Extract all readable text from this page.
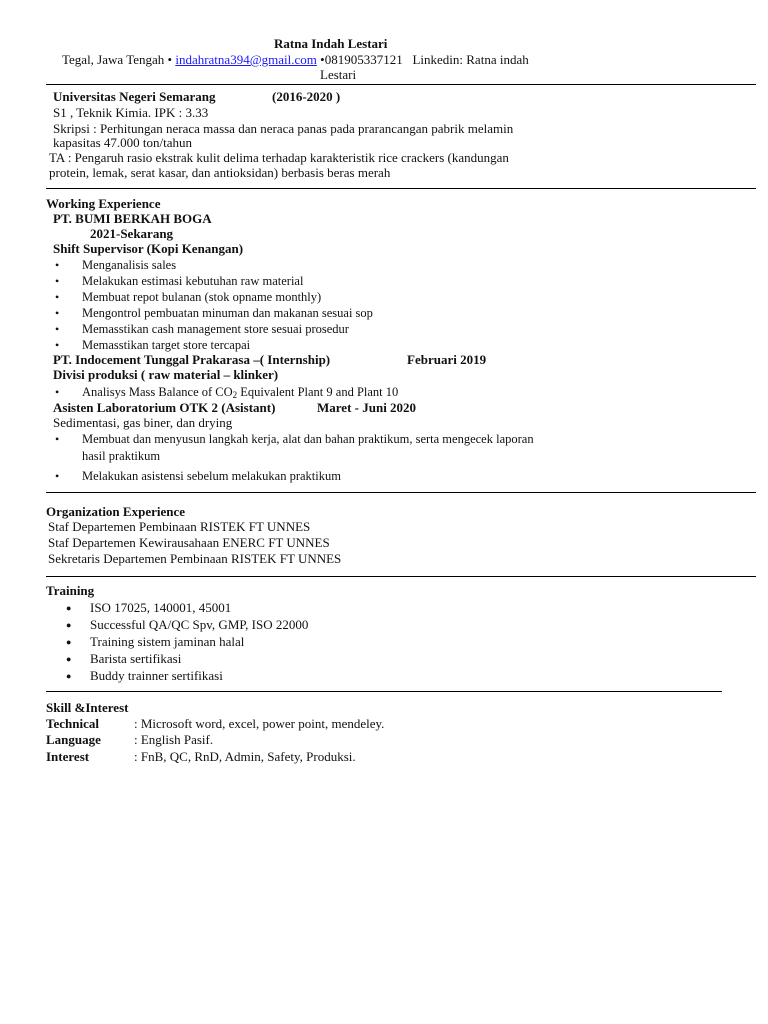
Ratna Indah Lestari
Tegal, Jawa Tengah • indahratna394@gmail.com •081905337121 Linkedin: Ratna indah
Lestari
Universitas Negeri Semarang	(2016-2020 )
S1 , Teknik Kimia. IPK : 3.33
Skripsi : Perhitungan neraca massa dan neraca panas pada prarancangan pabrik melamin
kapasitas 47.000 ton/tahun
TA : Pengaruh rasio ekstrak kulit delima terhadap karakteristik rice crackers (kandungan
protein, lemak, serat kasar, dan antioksidan) berbasis beras merah
Working Experience
PT. BUMI BERKAH BOGA
2021-Sekarang
Shift Supervisor (Kopi Kenangan)
• Menganalisis sales
• Melakukan estimasi kebutuhan raw material
• Membuat repot bulanan (stok opname monthly)
• Mengontrol pembuatan minuman dan makanan sesuai sop
• Memasstikan cash management store sesuai prosedur
• Memasstikan target store tercapai
PT. Indocement Tunggal Prakarasa –( Internship)	Februari 2019
Divisi produksi ( raw material – klinker)
• Analisys Mass Balance of $CO_2$ Equivalent Plant 9 and Plant 10
Asisten Laboratorium OTK 2 (Asistant)	Maret - Juni 2020
Sedimentasi, gas biner, dan drying
• Membuat dan menyusun langkah kerja, alat dan bahan praktikum, serta mengecek laporan
hasil praktikum
• Melakukan asistensi sebelum melakukan praktikum
Organization Experience
Staf Departemen Pembinaan RISTEK FT UNNES
Staf Departemen Kewirausahaan ENERC FT UNNES
Sekretaris Departemen Pembinaan RISTEK FT UNNES
Training
● ISO 17025, 140001, 45001
● Successful QA/QC Spv, GMP, ISO 22000
● Training sistem jaminan halal
● Barista sertifikasi
● Buddy trainner sertifikasi
Skill &Interest
Technical	: Microsoft word, excel, power point, mendeley.
Language	: English Pasif.
Interest	: FnB, QC, RnD, Admin, Safety, Produksi.
